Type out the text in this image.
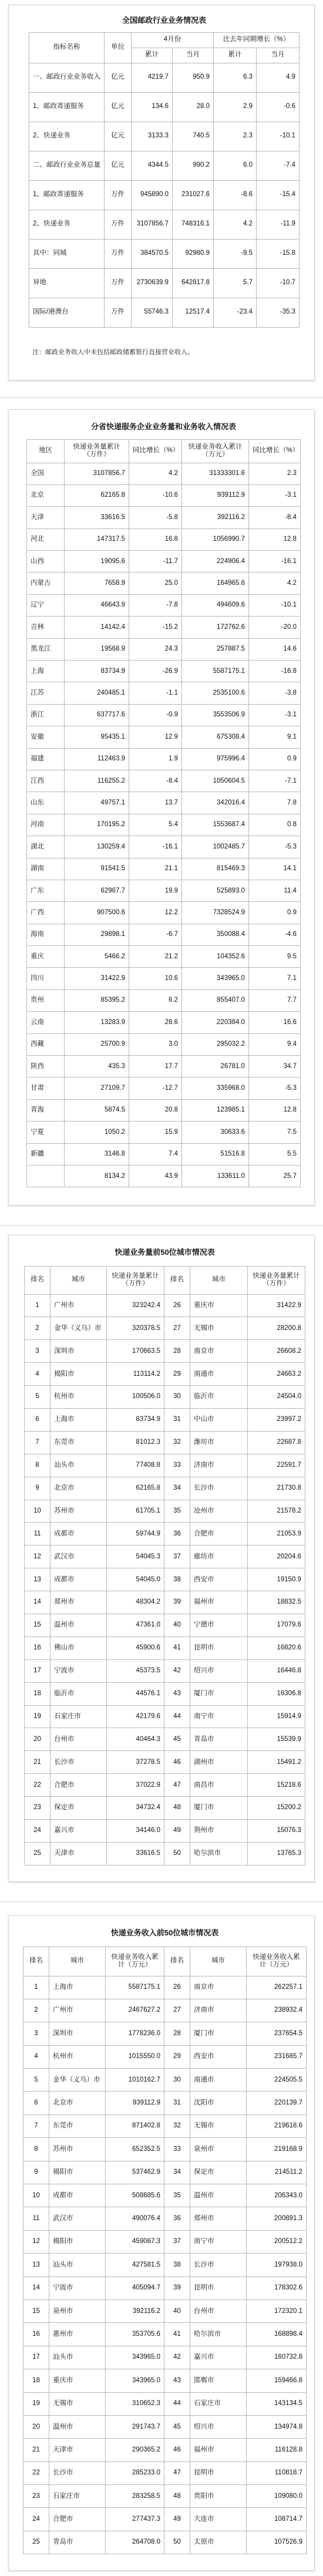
全国邮政行业业务情况表					
指标名称	单位	4月份		比去年同期增长（%）	
		累计	当月	累计	当月
一、邮政行业业务收入	亿元	4219.7	950.9	6.3	4.9
1、邮政寄递服务	亿元	134.6	28.0	2.9	-0.6
2、快递业务	亿元	3133.3	740.5	2.3	-10.1
二、邮政行业业务总量	亿元	4344.5	990.2	6.0	-7.4
1、邮政寄递服务	万件	945890.0	231027.6	-8.6	-15.4
2、快递业务	万件	3107856.7	748316.1	4.2	-11.9
其中：同城	万件	384570.5	92980.9	-9.5	-15.8
异地	万件	2730639.9	642817.8	5.7	-10.7
国际/港澳台	万件	55746.3	12517.4	-23.4	-35.3
注：邮政业务收入中未包括邮政储蓄银行直接营业收入。
分省快递服务企业业务量和业务收入情况表				
地区	快递业务量累计（万件）	同比增长（%）	快递业务收入累计（万元）	同比增长（%）
全国	3107856.7	4.2	31333301.6	2.3
北京	62165.8	-10.6	939112.9	-3.1
天津	33616.5	-5.8	392116.2	-8.4
河北	147317.5	16.8	1056990.7	12.8
山西	19095.6	-11.7	224906.4	-16.1
内蒙古	7658.9	25.0	164965.6	4.2
辽宁	46643.9	-7.8	494609.6	-10.1
吉林	14142.4	-15.2	172762.6	-20.0
黑龙江	19568.9	24.3	257887.5	14.6
上海	83734.9	-26.9	5587175.1	-16.8
江苏	240485.1	-1.1	2535100.6	-3.8
浙江	637717.6	-0.9	3553506.9	-3.1
安徽	95435.1	12.9	675308.4	9.1
福建	112463.9	1.9	975996.4	0.9
江西	116255.2	-8.4	1050604.5	-7.1
山东	49757.1	13.7	342016.4	7.8
河南	170195.2	5.4	1553687.4	0.8
湖北	130259.4	-16.1	1002485.7	-5.3
湖南	91541.5	21.1	815469.3	14.1
广东	62967.7	19.9	525893.0	11.4
广西	907500.6	12.2	7328524.9	0.9
海南	29898.1	-6.7	350088.4	-4.6
重庆	5466.2	21.2	104352.6	9.5
四川	31422.9	10.6	343965.0	7.1
贵州	85395.2	6.2	855407.0	7.7
云南	13283.9	28.6	220384.0	16.6
西藏	25700.9	3.0	295032.2	9.4
陕西	435.3	17.7	26781.0	34.7
甘肃	27109.7	-12.7	335968.0	-5.3
青海	5874.5	20.8	123985.1	12.8
宁夏	1050.2	15.9	30633.6	7.5
新疆	3146.8	7.4	51516.8	5.5
	8134.2	43.9	133611.0	25.7
快递业务量前50位城市情况表					
排名	城市	快递业务量累计（万件）	排名	城市	快递业务量累计（万件）
1	广州市	323242.4	26	重庆市	31422.9
2	金华（义乌）市	320378.5	27	无锡市	28200.8
3	深圳市	170663.5	28	南京市	26608.2
4	揭阳市	113114.2	29	南通市	24663.2
5	杭州市	100506.0	30	临沂市	24504.0
6	上海市	83734.9	31	中山市	23997.2
7	东莞市	81012.3	32	潍坊市	22687.8
8	汕头市	77408.8	33	济南市	22591.7
9	北京市	62165.8	34	长沙市	21730.8
10	苏州市	61705.1	35	沧州市	21578.2
11	成都市	59744.9	36	合肥市	21053.9
12	武汉市	54045.3	37	廊坊市	20204.6
13	成都市	54045.0	38	西安市	19150.9
14	郑州市	48304.2	39	福州市	18832.5
15	温州市	47361.0	40	宁德市	17079.6
16	佛山市	45900.6	41	昆明市	16820.6
17	宁波市	45373.5	42	绍兴市	16446.8
18	临沂市	44576.1	43	厦门市	16306.8
19	石家庄市	42179.6	44	南宁市	15914.9
20	台州市	40464.3	45	青岛市	15539.9
21	长沙市	37278.5	46	湖州市	15491.2
22	合肥市	37022.9	47	南昌市	15218.6
23	保定市	34732.4	48	厦门市	15200.2
24	嘉兴市	34146.0	49	荆州市	15076.3
25	天津市	33616.5	50	哈尔滨市	13765.3
快递业务收入前50位城市情况表					
排名	城市	快递业务收入累计（万元）	排名	城市	快递业务收入累计（万元）
1	上海市	5587175.1	26	南京市	262257.1
2	广州市	2467627.2	27	济南市	238932.4
3	深圳市	1778236.0	28	厦门市	237654.5
4	杭州市	1015550.0	29	西安市	231685.7
5	金华（义乌）市	1010162.7	30	南通市	224505.5
6	北京市	939112.9	31	沈阳市	220139.7
7	东莞市	871402.8	32	无锡市	219618.6
8	苏州市	652352.5	33	泉州市	219168.9
9	揭阳市	537462.9	34	保定市	214511.2
10	成都市	508685.6	35	温州市	206343.0
11	武汉市	490076.4	36	郑州市	200891.3
12	揭阳市	459067.3	37	南宁市	200512.2
13	汕头市	427581.5	38	长沙市	197938.0
14	宁波市	405094.7	39	昆明市	178302.6
15	泉州市	392116.2	40	台州市	172320.1
16	惠州市	353705.6	41	哈尔滨市	168898.4
17	汕头市	343965.0	42	嘉兴市	160732.8
18	重庆市	343965.0	43	邯郸市	159466.8
19	无锡市	310652.3	44	石家庄市	143134.5
20	温州市	291743.7	45	绍兴市	134974.8
21	天津市	290365.2	46	福州市	116128.8
22	长沙市	285233.0	47	昆明市	110818.7
23	石家庄市	283258.5	48	贵阳市	109080.0
24	合肥市	277437.3	49	大连市	108714.7
25	青岛市	264708.0	50	太原市	107526.9
